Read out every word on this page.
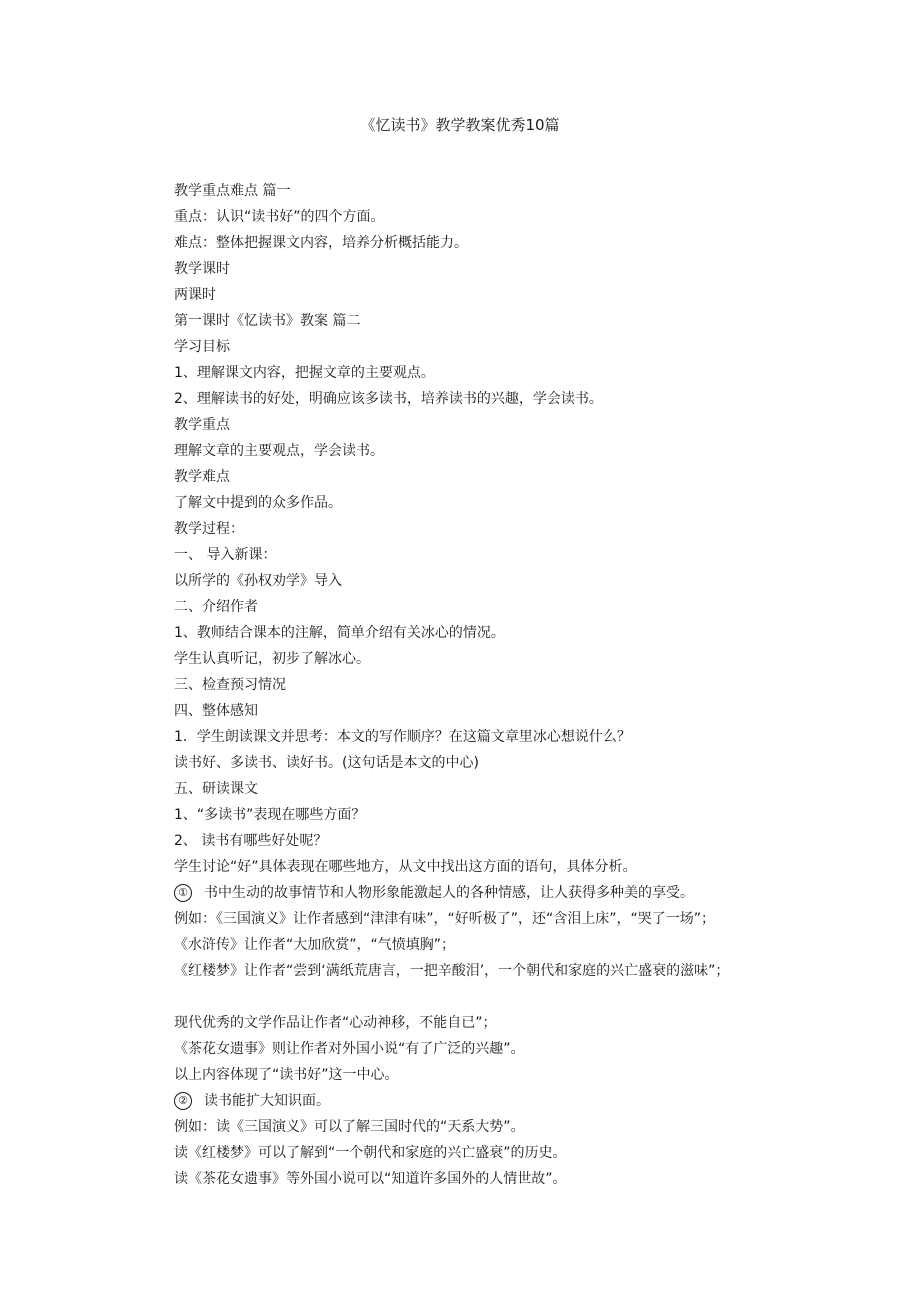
《忆读书》教学教案优秀10篇
教学重点难点 篇一
重点：认识“读书好”的四个方面。
难点：整体把握课文内容，培养分析概括能力。
教学课时
两课时
第一课时《忆读书》教案 篇二
学习目标
1、理解课文内容，把握文章的主要观点。
2、理解读书的好处，明确应该多读书，培养读书的兴趣，学会读书。
教学重点
理解文章的主要观点，学会读书。
教学难点
了解文中提到的众多作品。
教学过程：
一、 导入新课：
以所学的《孙权劝学》导入
二、介绍作者
1、教师结合课本的注解，简单介绍有关冰心的情况。
学生认真听记，初步了解冰心。
三、检查预习情况
四、整体感知
1．学生朗读课文并思考：本文的写作顺序？在这篇文章里冰心想说什么？
读书好、多读书、读好书。(这句话是本文的中心)
五、研读课文
1、“多读书”表现在哪些方面？
2、 读书有哪些好处呢？
学生讨论“好”具体表现在哪些地方，从文中找出这方面的语句，具体分析。
① 书中生动的故事情节和人物形象能激起人的各种情感，让人获得多种美的享受。
例如：《三国演义》让作者感到“津津有味”，“好听极了”，还“含泪上床”，“哭了一场”；
《水浒传》让作者“大加欣赏”，“气愤填胸”；
《红楼梦》让作者“尝到‘满纸荒唐言，一把辛酸泪’，一个朝代和家庭的兴亡盛衰的滋味”；
现代优秀的文学作品让作者“心动神移，不能自已”；
《茶花女遗事》则让作者对外国小说“有了广泛的兴趣”。
以上内容体现了“读书好”这一中心。
② 读书能扩大知识面。
例如：读《三国演义》可以了解三国时代的“天系大势”。
读《红楼梦》可以了解到“一个朝代和家庭的兴亡盛衰”的历史。
读《茶花女遗事》等外国小说可以“知道许多国外的人情世故”。
